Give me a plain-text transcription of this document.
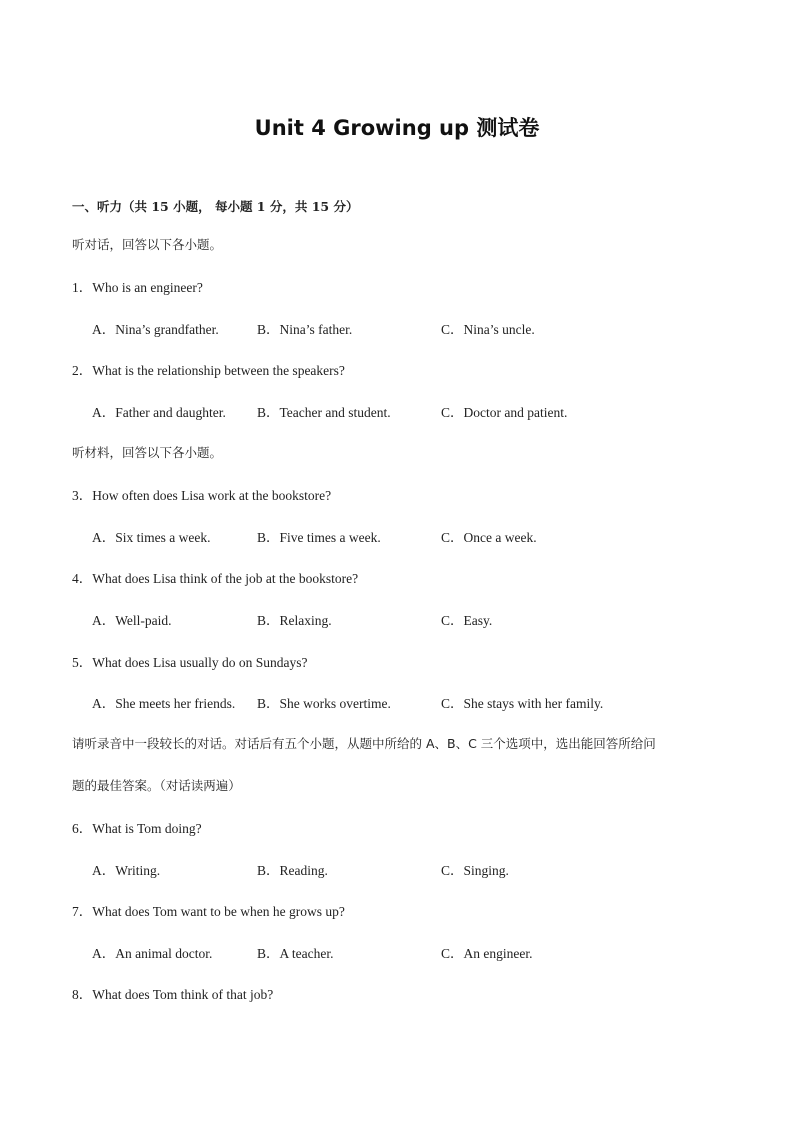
Unit 4 Growing up 测试卷
一、听力（共 15 小题， 每小题 1 分，共 15 分）
听对话，回答以下各小题。
1．Who is an engineer?
A．Nina’s grandfather.	B．Nina’s father.	C．Nina’s uncle.
2．What is the relationship between the speakers?
A．Father and daughter. B．Teacher and student.	C．Doctor and patient.
听材料，回答以下各小题。
3．How often does Lisa work at the bookstore?
A．Six times a week.	B．Five times a week.	C．Once a week.
4．What does Lisa think of the job at the bookstore?
A．Well-paid.	B．Relaxing.	C．Easy.
5．What does Lisa usually do on Sundays?
A．She meets her friends. B．She works overtime.	C．She stays with her family.
请听录音中一段较长的对话。对话后有五个小题，从题中所给的 A、B、C 三个选项中，选出能回答所给问
题的最佳答案。（对话读两遍）
6．What is Tom doing?
A．Writing.	B．Reading.	C．Singing.
7．What does Tom want to be when he grows up?
A．An animal doctor.	B．A teacher.	C．An engineer.
8．What does Tom think of that job?
